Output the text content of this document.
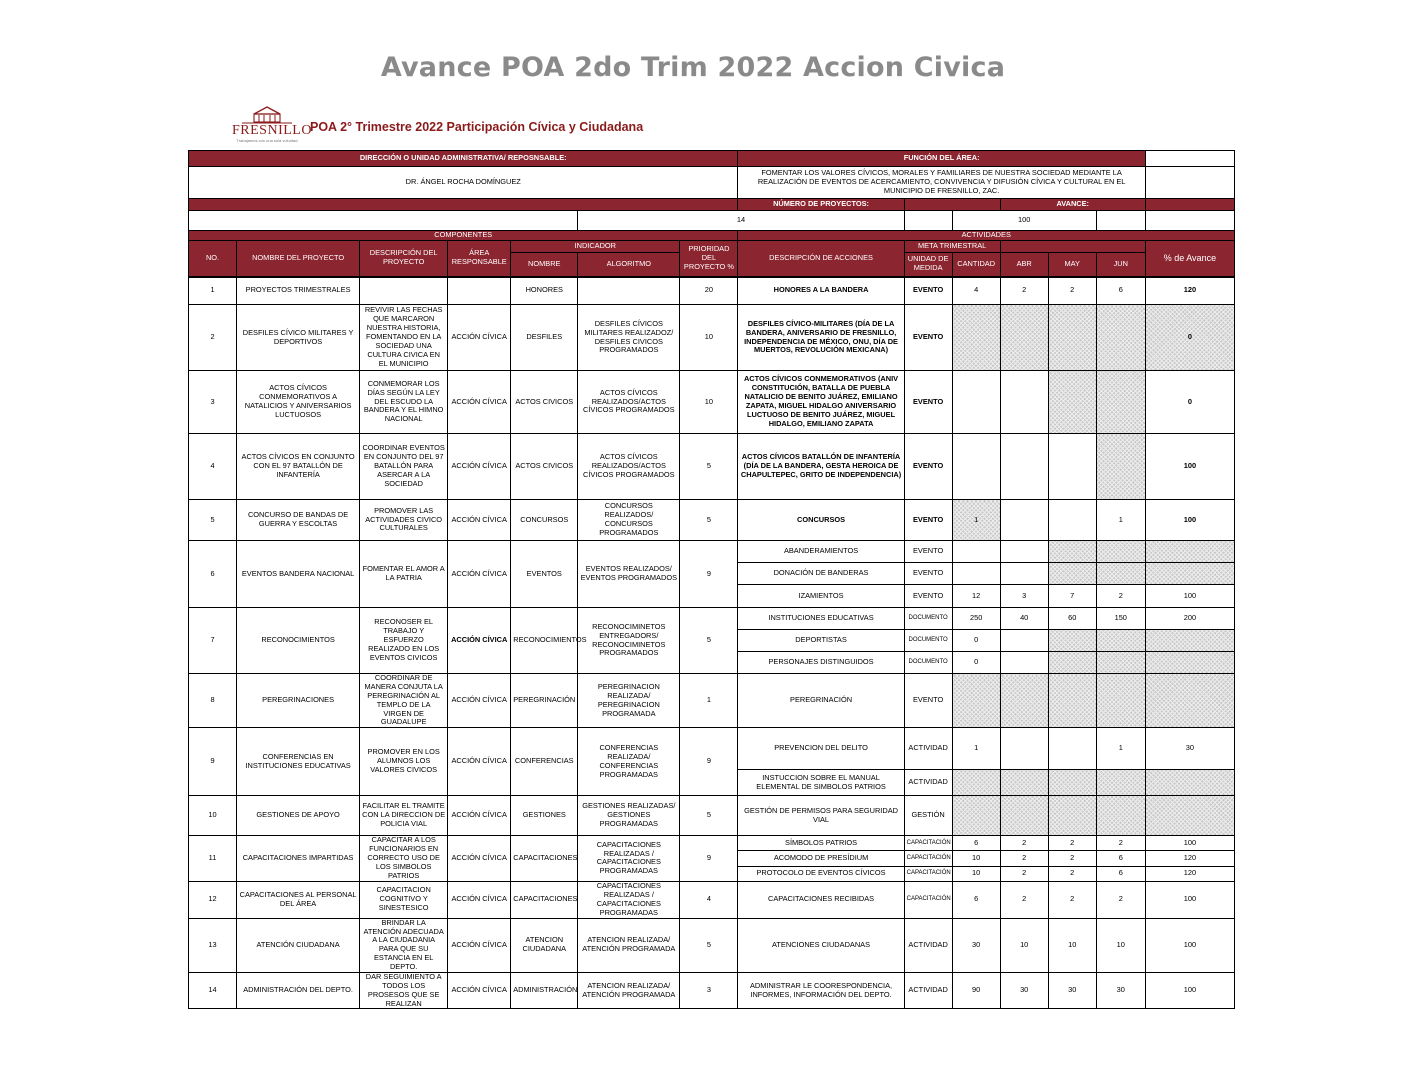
Avance POA 2do Trim 2022 Accion Civica
FRESNILLO
Trabajamos con una sola voluntad
POA 2° Trimestre 2022 Participación Cívica y Ciudadana
DIRECCIÓN O UNIDAD ADMINISTRATIVA/ REPOSNSABLE:							FUNCIÓN DEL ÁREA:						
DR. ÁNGEL ROCHA DOMÍNGUEZ							FOMENTAR LOS VALORES CÍVICOS, MORALES Y FAMILIARES DE NUESTRA SOCIEDAD MEDIANTE LA REALIZACIÓN DE EVENTOS DE ACERCAMIENTO, CONVIVENCIA Y DIFUSIÓN CÍVICA Y CULTURAL EN EL MUNICIPIO DE FRESNILLO, ZAC.						
							NÚMERO DE PROYECTOS:			AVANCE:			
					14				100				
COMPONENTES							ACTIVIDADES						
NO.	NOMBRE DEL PROYECTO	DESCRIPCIÓN DEL PROYECTO	ÁREA RESPONSABLE	INDICADOR		PRIORIDAD DEL PROYECTO %	DESCRIPCIÓN DE ACCIONES	META TRIMESTRAL					% de Avance
				NOMBRE	ALGORITMO			UNIDAD DE MEDIDA	CANTIDAD	ABR	MAY	JUN	
1	PROYECTOS TRIMESTRALES			HONORES		20	HONORES A LA BANDERA	EVENTO	4	2	2	6	120
2	DESFILES CÍVICO MILITARES Y DEPORTIVOS	REVIVIR LAS FECHAS QUE MARCARON NUESTRA HISTORIA, FOMENTANDO EN LA SOCIEDAD UNA CULTURA CIVICA EN EL MUNICIPIO	ACCIÓN CÍVICA	DESFILES	DESFILES CÍVICOS MILITARES REALIZADOZ/ DESFILES CIVICOS PROGRAMADOS	10	DESFILES CÍVICO-MILITARES (DÍA DE LA BANDERA, ANIVERSARIO DE FRESNILLO, INDEPENDENCIA DE MÉXICO, ONU, DÍA DE MUERTOS, REVOLUCIÓN MEXICANA)	EVENTO					0
3	ACTOS CÍVICOS CONMEMORATIVOS A NATALICIOS Y ANIVERSARIOS LUCTUOSOS	CONMEMORAR LOS DÍAS SEGÚN LA LEY DEL ESCUDO LA BANDERA Y EL HIMNO NACIONAL	ACCIÓN CÍVICA	ACTOS CIVICOS	ACTOS CÍVICOS REALIZADOS/ACTOS CÍVICOS PROGRAMADOS	10	ACTOS CÍVICOS CONMEMORATIVOS (ANIV CONSTITUCIÓN, BATALLA DE PUEBLA NATALICIO DE BENITO JUÁREZ, EMILIANO ZAPATA, MIGUEL HIDALGO ANIVERSARIO LUCTUOSO DE BENITO JUÁREZ, MIGUEL HIDALGO, EMILIANO ZAPATA	EVENTO					0
4	ACTOS CÍVICOS EN CONJUNTO CON EL 97 BATALLÓN DE INFANTERÍA	COORDINAR EVENTOS EN CONJUNTO DEL 97 BATALLÓN PARA ASERCAR A LA SOCIEDAD	ACCIÓN CÍVICA	ACTOS CIVICOS	ACTOS CÍVICOS REALIZADOS/ACTOS CÍVICOS PROGRAMADOS	5	ACTOS CÍVICOS BATALLÓN DE INFANTERÍA (DÍA DE LA BANDERA, GESTA HEROICA DE CHAPULTEPEC, GRITO DE INDEPENDENCIA)	EVENTO					100
5	CONCURSO DE BANDAS DE GUERRA Y ESCOLTAS	PROMOVER LAS ACTIVIDADES CIVICO CULTURALES	ACCIÓN CÍVICA	CONCURSOS	CONCURSOS REALIZADOS/ CONCURSOS PROGRAMADOS	5	CONCURSOS	EVENTO	1			1	100
6	EVENTOS BANDERA NACIONAL	FOMENTAR EL AMOR A LA PATRIA	ACCIÓN CÍVICA	EVENTOS	EVENTOS REALIZADOS/ EVENTOS PROGRAMADOS	9	ABANDERAMIENTOS	EVENTO					
							DONACIÓN DE BANDERAS	EVENTO					
							IZAMIENTOS	EVENTO	12	3	7	2	100
7	RECONOCIMIENTOS	RECONOSER EL TRABAJO Y ESFUERZO REALIZADO EN LOS EVENTOS CIVICOS	ACCIÓN CÍVICA	RECONOCIMIENTOS	RECONOCIMINETOS ENTREGADORS/ RECONOCIMINETOS PROGRAMADOS	5	INSTITUCIONES EDUCATIVAS	DOCUMENTO	250	40	60	150	200
							DEPORTISTAS	DOCUMENTO	0				
							PERSONAJES DISTINGUIDOS	DOCUMENTO	0				
8	PEREGRINACIONES	COORDINAR DE MANERA CONJUTA LA PEREGRINACIÓN AL TEMPLO DE LA VIRGEN DE GUADALUPE	ACCIÓN CÍVICA	PEREGRINACIÓN	PEREGRINACION REALIZADA/ PEREGRINACION PROGRAMADA	1	PEREGRINACIÓN	EVENTO					
9	CONFERENCIAS EN INSTITUCIONES EDUCATIVAS	PROMOVER EN LOS ALUMNOS LOS VALORES CIVICOS	ACCIÓN CÍVICA	CONFERENCIAS	CONFERENCIAS REALIZADA/ CONFERENCIAS PROGRAMADAS	9	PREVENCION DEL DELITO	ACTIVIDAD	1			1	30
							INSTUCCION SOBRE EL MANUAL ELEMENTAL DE SIMBOLOS PATRIOS	ACTIVIDAD					
10	GESTIONES DE APOYO	FACILITAR EL TRAMITE CON LA DIRECCION DE POLICIA VIAL	ACCIÓN CÍVICA	GESTIONES	GESTIONES REALIZADAS/ GESTIONES PROGRAMADAS	5	GESTIÓN DE PERMISOS PARA SEGURIDAD VIAL	GESTIÓN					
11	CAPACITACIONES IMPARTIDAS	CAPACITAR A LOS FUNCIONARIOS EN CORRECTO USO DE LOS SIMBOLOS PATRIOS	ACCIÓN CÍVICA	CAPACITACIONES	CAPACITACIONES REALIZADAS / CAPACITACIONES PROGRAMADAS	9	SÍMBOLOS PATRIOS	CAPACITACIÓN	6	2	2	2	100
							ACOMODO DE PRESÍDIUM	CAPACITACIÓN	10	2	2	6	120
							PROTOCOLO DE EVENTOS CÍVICOS	CAPACITACIÓN	10	2	2	6	120
12	CAPACITACIONES AL PERSONAL DEL ÁREA	CAPACITACION COGNITIVO Y SINESTESICO	ACCIÓN CÍVICA	CAPACITACIONES	CAPACITACIONES REALIZADAS / CAPACITACIONES PROGRAMADAS	4	CAPACITACIONES RECIBIDAS	CAPACITACIÓN	6	2	2	2	100
13	ATENCIÓN CIUDADANA	BRINDAR LA ATENCIÓN ADECUADA A LA CIUDADANIA PARA QUE SU ESTANCIA EN EL DEPTO.	ACCIÓN CÍVICA	ATENCION CIUDADANA	ATENCION REALIZADA/ ATENCIÓN PROGRAMADA	5	ATENCIONES CIUDADANAS	ACTIVIDAD	30	10	10	10	100
14	ADMINISTRACIÓN DEL DEPTO.	DAR SEGUIMIENTO A TODOS LOS PROSESOS QUE SE REALIZAN	ACCIÓN CÍVICA	ADMINISTRACIÓN	ATENCION REALIZADA/ ATENCIÓN PROGRAMADA	3	ADMINISTRAR LE COORESPONDENCIA, INFORMES, INFORMACIÓN DEL DEPTO.	ACTIVIDAD	90	30	30	30	100
